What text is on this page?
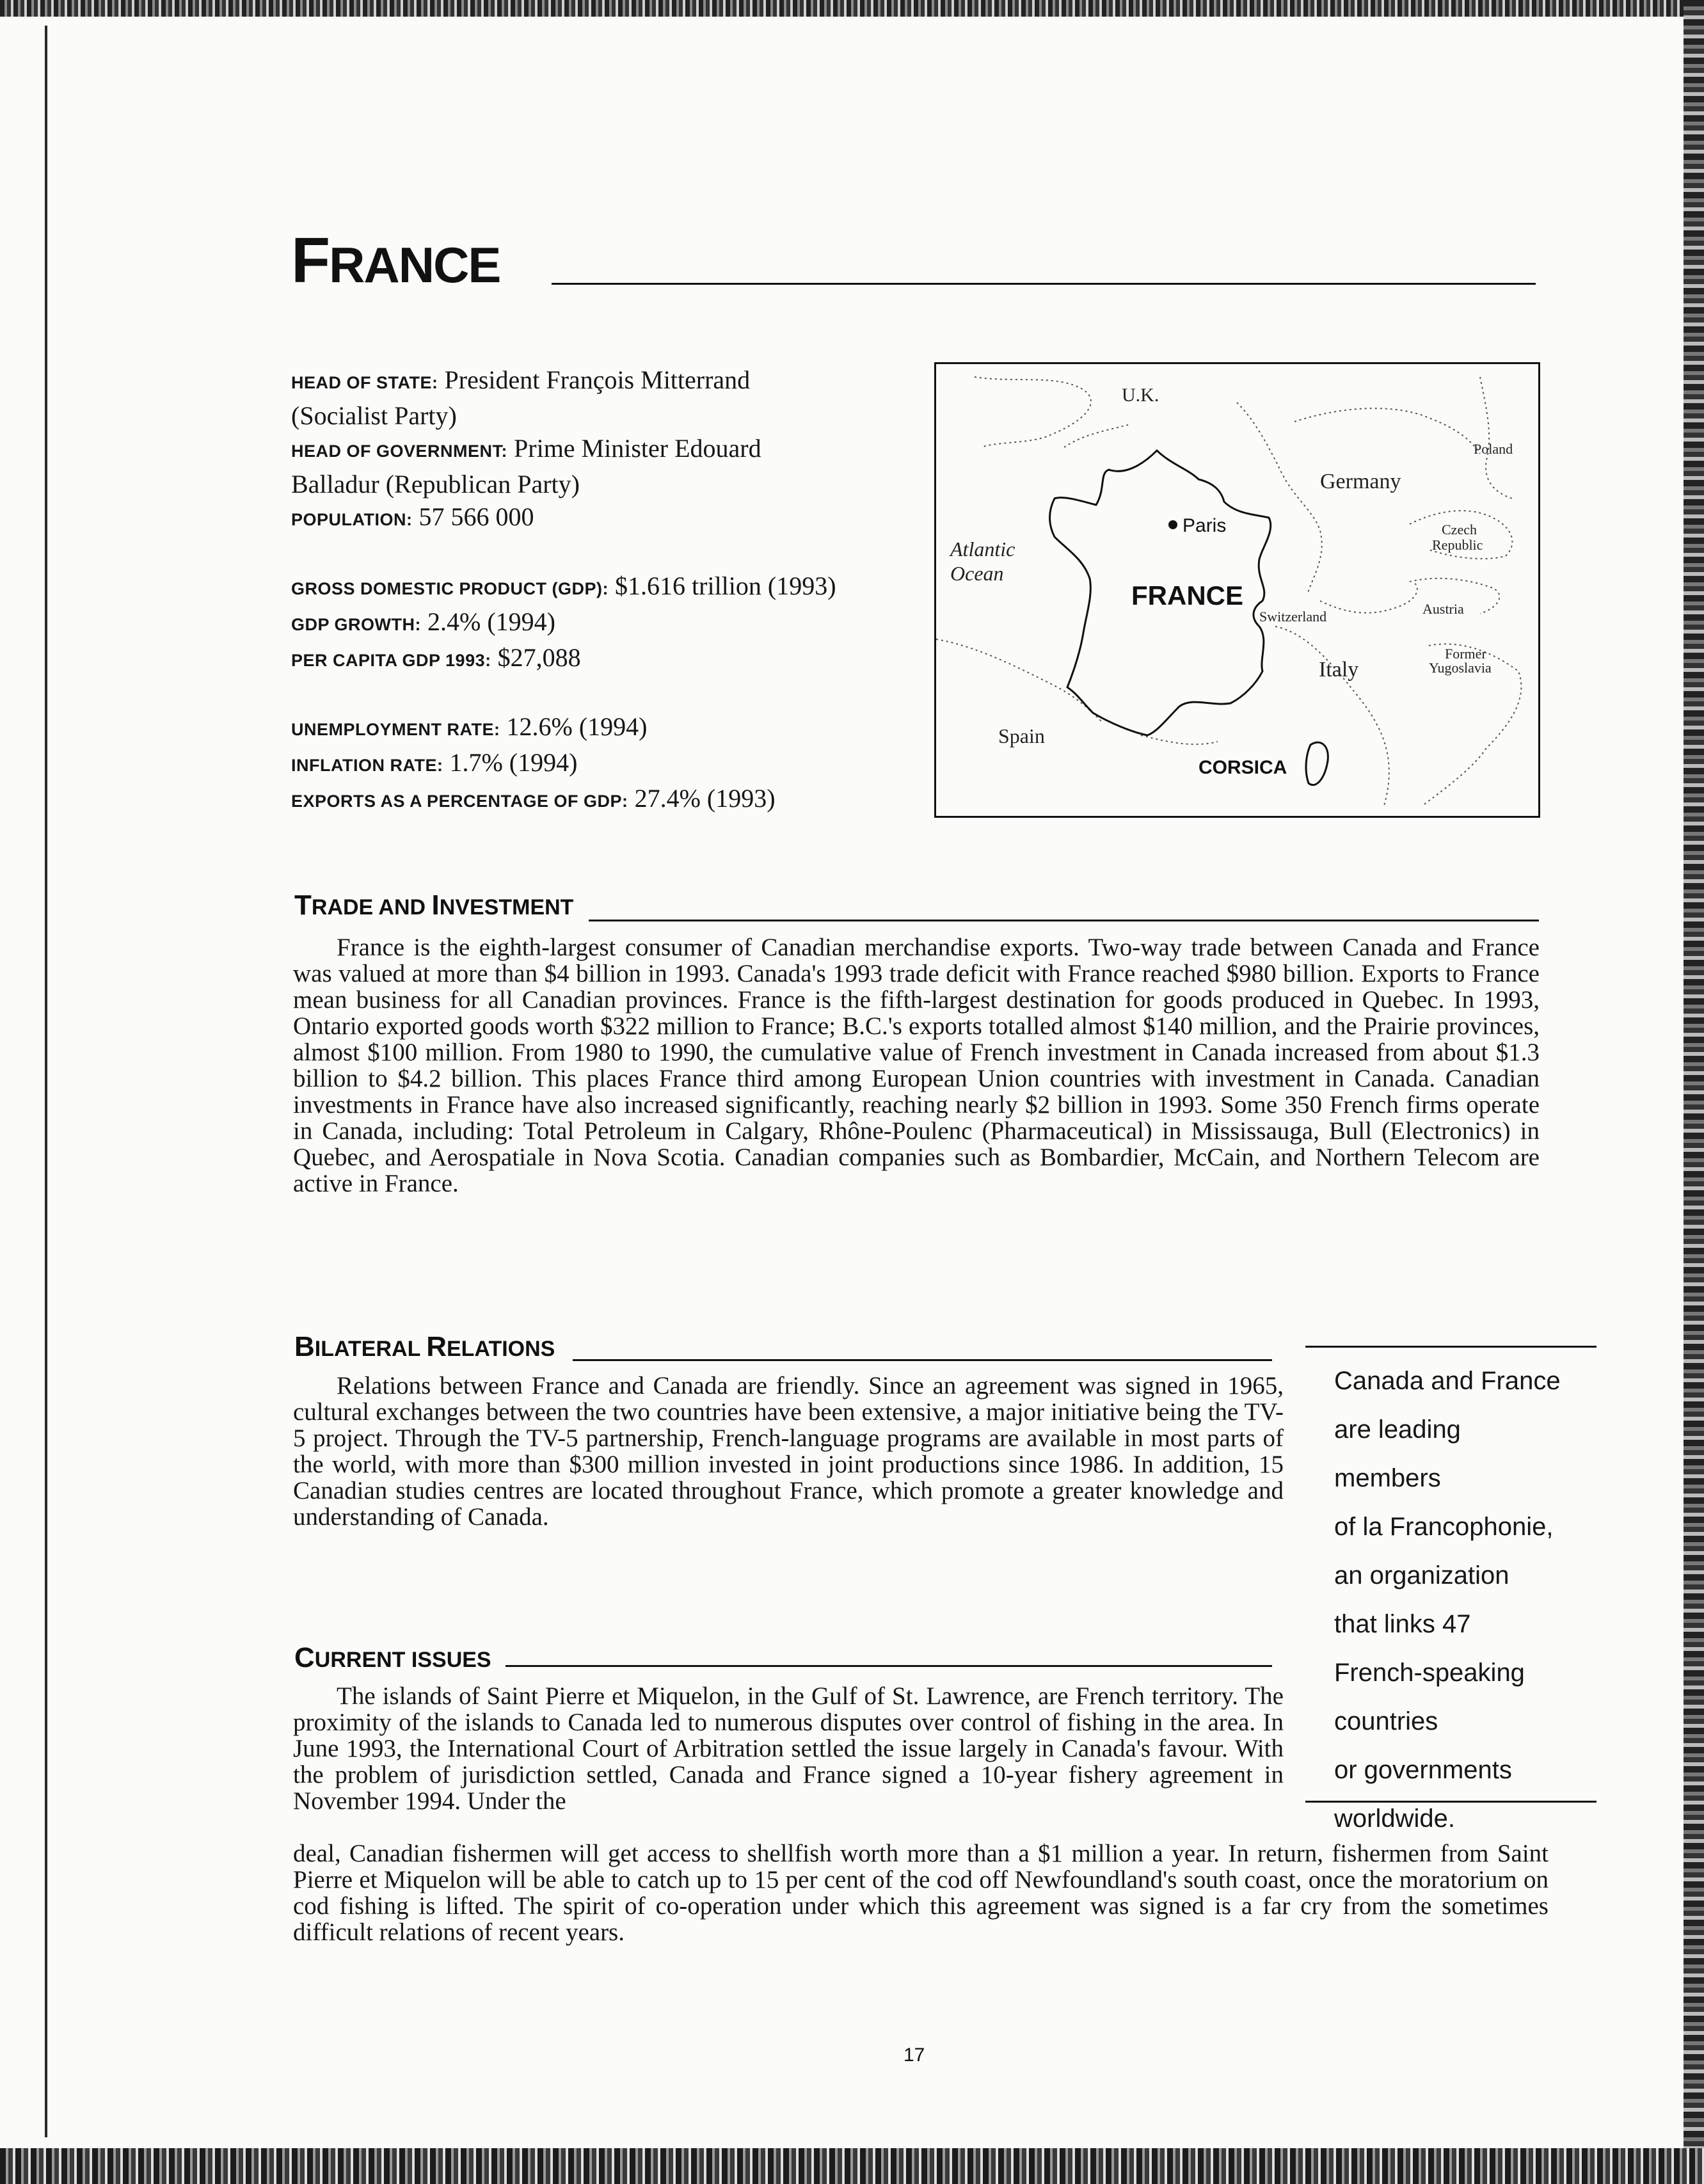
FRANCE
HEAD OF STATE: President François Mitterrand
(Socialist Party)
HEAD OF GOVERNMENT: Prime Minister Edouard
Balladur (Republican Party)
POPULATION: 57 566 000
GROSS DOMESTIC PRODUCT (GDP): $1.616 trillion (1993)
GDP GROWTH: 2.4% (1994)
PER CAPITA GDP 1993: $27,088
UNEMPLOYMENT RATE: 12.6% (1994)
INFLATION RATE: 1.7% (1994)
EXPORTS AS A PERCENTAGE OF GDP: 27.4% (1993)
U.K.
Poland
Germany
Atlantic
Ocean
Czech
Republic
Switzerland	Austria
Former
Yugoslavia
Italy
Spain
Paris
FRANCE
CORSICA
TRADE AND INVESTMENT

France is the eighth-largest consumer of Canadian merchandise exports. Two-way trade between Canada and France was valued at more than $4 billion in 1993. Canada's 1993 trade deficit with France reached $980 billion. Exports to France mean business for all Canadian provinces. France is the fifth-largest destination for goods produced in Quebec. In 1993, Ontario exported goods worth $322 million to France; B.C.'s exports totalled almost $140 million, and the Prairie provinces, almost $100 million. From 1980 to 1990, the cumulative value of French investment in Canada increased from about $1.3 billion to $4.2 billion. This places France third among European Union countries with investment in Canada. Canadian investments in France have also increased significantly, reaching nearly $2 billion in 1993. Some 350 French firms operate in Canada, including: Total Petroleum in Calgary, Rhône-Poulenc (Pharmaceutical) in Mississauga, Bull (Electronics) in Quebec, and Aerospatiale in Nova Scotia. Canadian companies such as Bombardier, McCain, and Northern Telecom are active in France.

BILATERAL RELATIONS

Relations between France and Canada are friendly. Since an agreement was signed in 1965, cultural exchanges between the two countries have been extensive, a major initiative being the TV-5 project. Through the TV-5 partnership, French-language programs are available in most parts of the world, with more than $300 million invested in joint productions since 1986. In addition, 15 Canadian studies centres are located throughout France, which promote a greater knowledge and understanding of Canada.

CURRENT ISSUES

The islands of Saint Pierre et Miquelon, in the Gulf of St. Lawrence, are French territory. The proximity of the islands to Canada led to numerous disputes over control of fishing in the area. In June 1993, the International Court of Arbitration settled the issue largely in Canada's favour. With the problem of jurisdiction settled, Canada and France signed a 10-year fishery agreement in November 1994. Under the

deal, Canadian fishermen will get access to shellfish worth more than a $1 million a year. In return, fishermen from Saint Pierre et Miquelon will be able to catch up to 15 per cent of the cod off Newfoundland's south coast, once the moratorium on cod fishing is lifted. The spirit of co-operation under which this agreement was signed is a far cry from the sometimes difficult relations of recent years.

Canada and France
are leading members
of la Francophonie,
an organization
that links 47
French-speaking
countries
or governments
worldwide.
17
